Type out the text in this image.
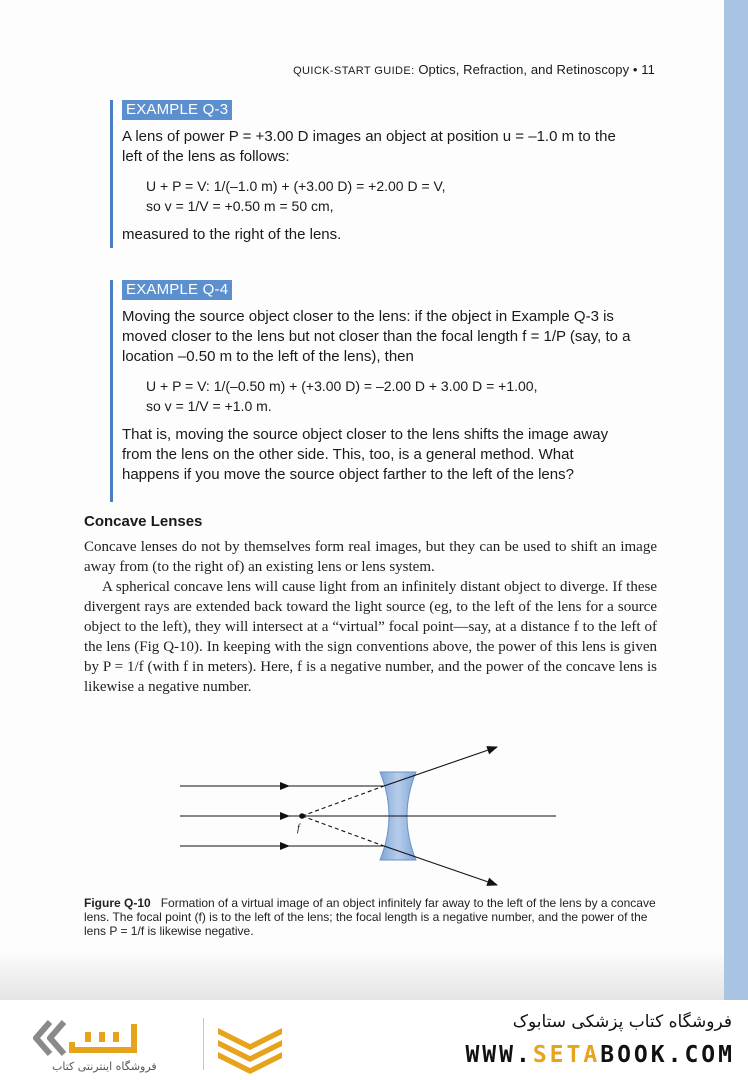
QUICK-START GUIDE: Optics, Refraction, and Retinoscopy • 11
EXAMPLE Q-3

A lens of power P = +3.00 D images an object at position u = –1.0 m to the left of the lens as follows:

U + P = V: 1/(–1.0 m) + (+3.00 D) = +2.00 D = V,
so v = 1/V = +0.50 m = 50 cm,

measured to the right of the lens.

EXAMPLE Q-4

Moving the source object closer to the lens: if the object in Example Q-3 is moved closer to the lens but not closer than the focal length f = 1/P (say, to a location –0.50 m to the left of the lens), then

U + P = V: 1/(–0.50 m) + (+3.00 D) = –2.00 D + 3.00 D = +1.00,
so v = 1/V = +1.0 m.

That is, moving the source object closer to the lens shifts the image away from the lens on the other side. This, too, is a general method. What happens if you move the source object farther to the left of the lens?

Concave Lenses

Concave lenses do not by themselves form real images, but they can be used to shift an image away from (to the right of) an existing lens or lens system.

A spherical concave lens will cause light from an infinitely distant object to diverge. If these divergent rays are extended back toward the light source (eg, to the left of the lens for a source object to the left), they will intersect at a “virtual” focal point—say, at a distance f to the left of the lens (Fig Q-10). In keeping with the sign conventions above, the power of this lens is given by P = 1/f (with f in meters). Here, f is a negative number, and the power of the concave lens is likewise a negative number.

f
Figure Q-10 Formation of a virtual image of an object infinitely far away to the left of the lens by a concave lens. The focal point (f) is to the left of the lens; the focal length is a negative number, and the power of the lens P = 1/f is likewise negative.
فروشگاه اینترنتی کتاب
فروشگاه کتاب پزشکی ستابوک
WWW.SETABOOK.COM
